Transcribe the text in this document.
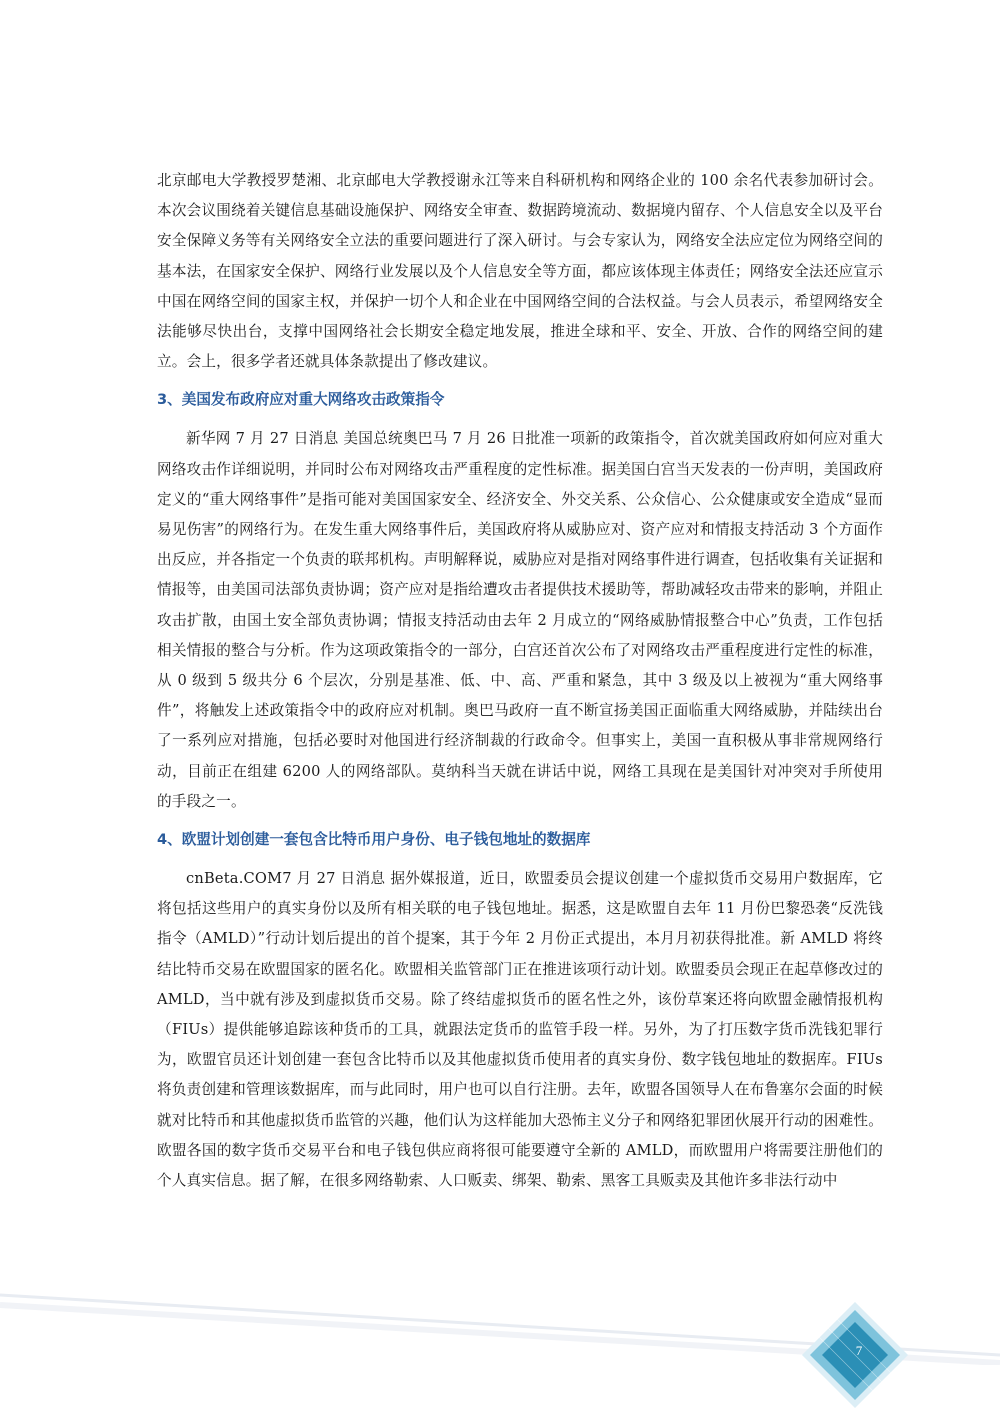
北京邮电大学教授罗楚湘、北京邮电大学教授谢永江等来自科研机构和网络企业的 100 余名代表参加研讨会。本次会议围绕着关键信息基础设施保护、网络安全审查、数据跨境流动、数据境内留存、个人信息安全以及平台安全保障义务等有关网络安全立法的重要问题进行了深入研讨。与会专家认为，网络安全法应定位为网络空间的基本法，在国家安全保护、网络行业发展以及个人信息安全等方面，都应该体现主体责任；网络安全法还应宣示中国在网络空间的国家主权，并保护一切个人和企业在中国网络空间的合法权益。与会人员表示，希望网络安全法能够尽快出台，支撑中国网络社会长期安全稳定地发展，推进全球和平、安全、开放、合作的网络空间的建立。会上，很多学者还就具体条款提出了修改建议。

3、美国发布政府应对重大网络攻击政策指令

新华网 7 月 27 日消息 美国总统奥巴马 7 月 26 日批准一项新的政策指令，首次就美国政府如何应对重大网络攻击作详细说明，并同时公布对网络攻击严重程度的定性标准。据美国白宫当天发表的一份声明，美国政府定义的“重大网络事件”是指可能对美国国家安全、经济安全、外交关系、公众信心、公众健康或安全造成“显而易见伤害”的网络行为。在发生重大网络事件后，美国政府将从威胁应对、资产应对和情报支持活动 3 个方面作出反应，并各指定一个负责的联邦机构。声明解释说，威胁应对是指对网络事件进行调查，包括收集有关证据和情报等，由美国司法部负责协调；资产应对是指给遭攻击者提供技术援助等，帮助减轻攻击带来的影响，并阻止攻击扩散，由国土安全部负责协调；情报支持活动由去年 2 月成立的“网络威胁情报整合中心”负责，工作包括相关情报的整合与分析。作为这项政策指令的一部分，白宫还首次公布了对网络攻击严重程度进行定性的标准，从 0 级到 5 级共分 6 个层次，分别是基准、低、中、高、严重和紧急，其中 3 级及以上被视为“重大网络事件”，将触发上述政策指令中的政府应对机制。奥巴马政府一直不断宣扬美国正面临重大网络威胁，并陆续出台了一系列应对措施，包括必要时对他国进行经济制裁的行政命令。但事实上，美国一直积极从事非常规网络行动，目前正在组建 6200 人的网络部队。莫纳科当天就在讲话中说，网络工具现在是美国针对冲突对手所使用的手段之一。

4、欧盟计划创建一套包含比特币用户身份、电子钱包地址的数据库

cnBeta.COM7 月 27 日消息 据外媒报道，近日，欧盟委员会提议创建一个虚拟货币交易用户数据库，它将包括这些用户的真实身份以及所有相关联的电子钱包地址。据悉，这是欧盟自去年 11 月份巴黎恐袭“反洗钱指令（AMLD）”行动计划后提出的首个提案，其于今年 2 月份正式提出，本月月初获得批准。新 AMLD 将终结比特币交易在欧盟国家的匿名化。欧盟相关监管部门正在推进该项行动计划。欧盟委员会现正在起草修改过的 AMLD，当中就有涉及到虚拟货币交易。除了终结虚拟货币的匿名性之外，该份草案还将向欧盟金融情报机构（FIUs）提供能够追踪该种货币的工具，就跟法定货币的监管手段一样。另外，为了打压数字货币洗钱犯罪行为，欧盟官员还计划创建一套包含比特币以及其他虚拟货币使用者的真实身份、数字钱包地址的数据库。FIUs 将负责创建和管理该数据库，而与此同时，用户也可以自行注册。去年，欧盟各国领导人在布鲁塞尔会面的时候就对比特币和其他虚拟货币监管的兴趣，他们认为这样能加大恐怖主义分子和网络犯罪团伙展开行动的困难性。欧盟各国的数字货币交易平台和电子钱包供应商将很可能要遵守全新的 AMLD，而欧盟用户将需要注册他们的个人真实信息。据了解，在很多网络勒索、人口贩卖、绑架、勒索、黑客工具贩卖及其他许多非法行动中

7
